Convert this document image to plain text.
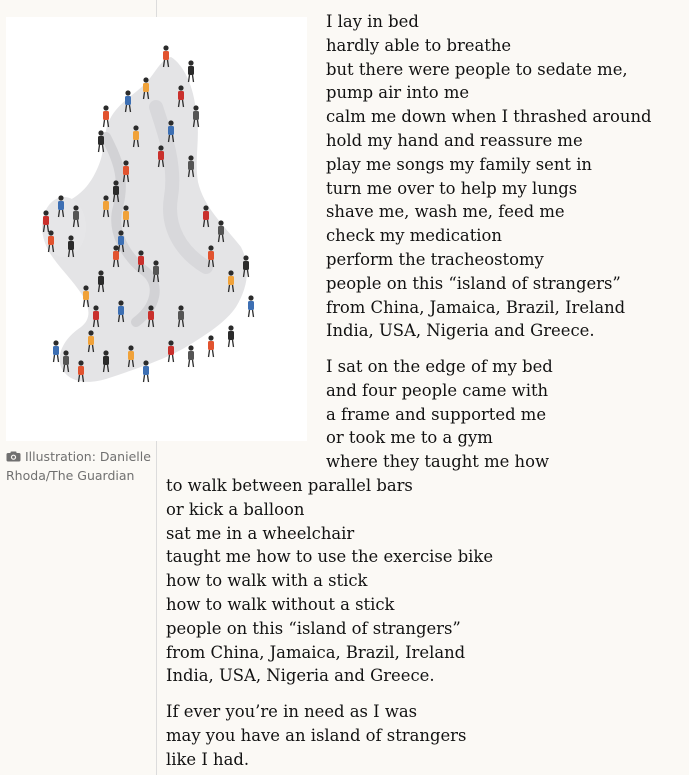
Illustration: Danielle Rhoda/The Guardian
I lay in bed
hardly able to breathe
but there were people to sedate me,
pump air into me
calm me down when I thrashed around
hold my hand and reassure me
play me songs my family sent in
turn me over to help my lungs
shave me, wash me, feed me
check my medication
perform the tracheostomy
people on this “island of strangers”
from China, Jamaica, Brazil, Ireland
India, USA, Nigeria and Greece.
I sat on the edge of my bed
and four people came with
a frame and supported me
or took me to a gym
where they taught me how
to walk between parallel bars
or kick a balloon
sat me in a wheelchair
taught me how to use the exercise bike
how to walk with a stick
how to walk without a stick
people on this “island of strangers”
from China, Jamaica, Brazil, Ireland
India, USA, Nigeria and Greece.
If ever you’re in need as I was
may you have an island of strangers
like I had.
